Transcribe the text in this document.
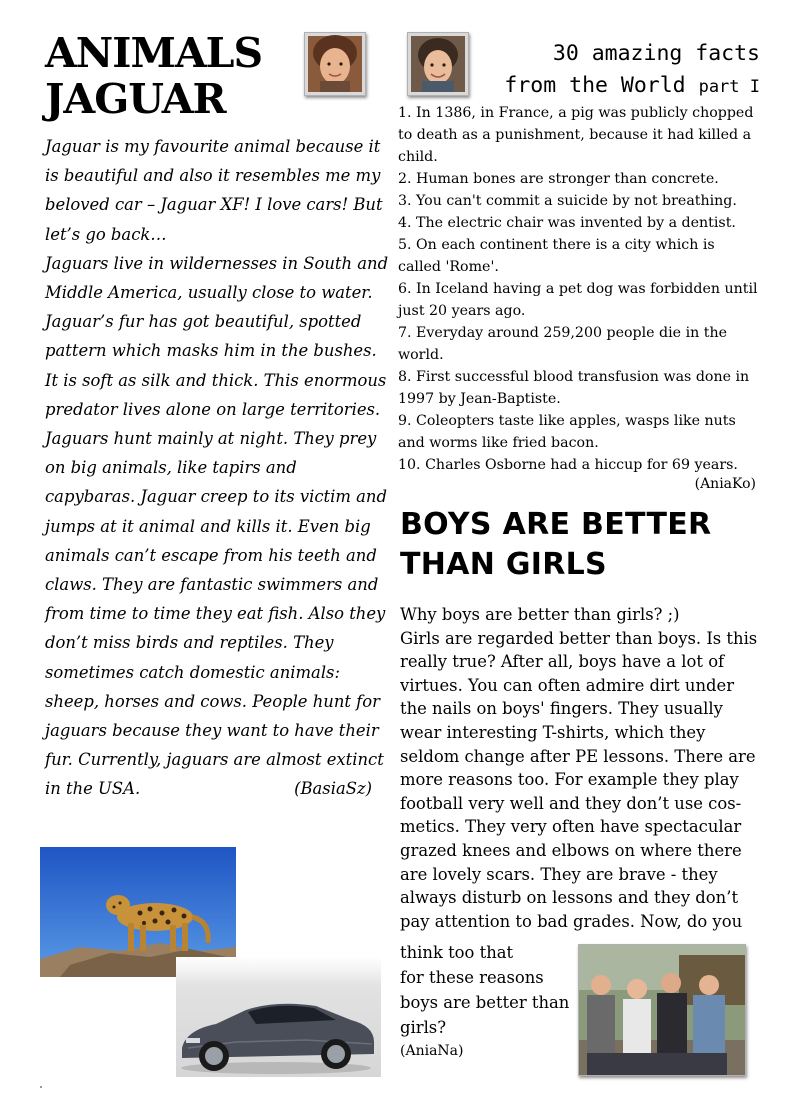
ANIMALS
JAGUAR

Jaguar is my favourite animal because it is beautiful and also it resembles me my beloved car – Jaguar XF! I love cars! But let’s go back…

Jaguars live in wildernesses in South and Middle America, usually close to water. Jaguar’s fur has got beautiful, spotted pattern which masks him in the bushes. It is soft as silk and thick. This enormous predator lives alone on large territories. Jaguars hunt mainly at night. They prey on big animals, like tapirs and capybaras. Jaguar creep to its victim and jumps at it animal and kills it. Even big animals can’t escape from his teeth and claws. They are fantastic swimmers and from time to time they eat fish. Also they don’t miss birds and reptiles. They sometimes catch domestic animals: sheep, horses and cows. People hunt for jaguars because they want to have their fur. Currently, jaguars are almost extinct in the USA.	(BasiaSz)

30 amazing facts
from the World part I
1. In 1386, in France, a pig was publicly chopped to death as a punishment, because it had killed a child.
2. Human bones are stronger than concrete.
3. You can't commit a suicide by not breathing.
4. The electric chair was invented by a dentist.
5. On each continent there is a city which is called 'Rome'.
6. In Iceland having a pet dog was forbidden until just 20 years ago.
7. Everyday around 259,200 people die in the world.
8. First successful blood transfusion was done in 1997 by Jean-Baptiste.
9. Coleopters taste like apples, wasps like nuts and worms like fried bacon.
10. Charles Osborne had a hiccup for 69 years.
(AniaKo)
BOYS ARE BETTER
THAN GIRLS
Why boys are better than girls? ;)
Girls are regarded better than boys. Is this really true? After all, boys have a lot of virtues. You can often admire dirt under the nails on boys' fingers. They usually wear interesting T-shirts, which they seldom change after PE lessons. There are more reasons too. For example they play football very well and they don’t use cos-metics. They very often have spectacular grazed knees and elbows on where there are lovely scars. They are brave - they always disturb on lessons and they don’t pay attention to bad grades. Now, do you
think too that
for these reasons
boys are better than
girls?
(AniaNa)
